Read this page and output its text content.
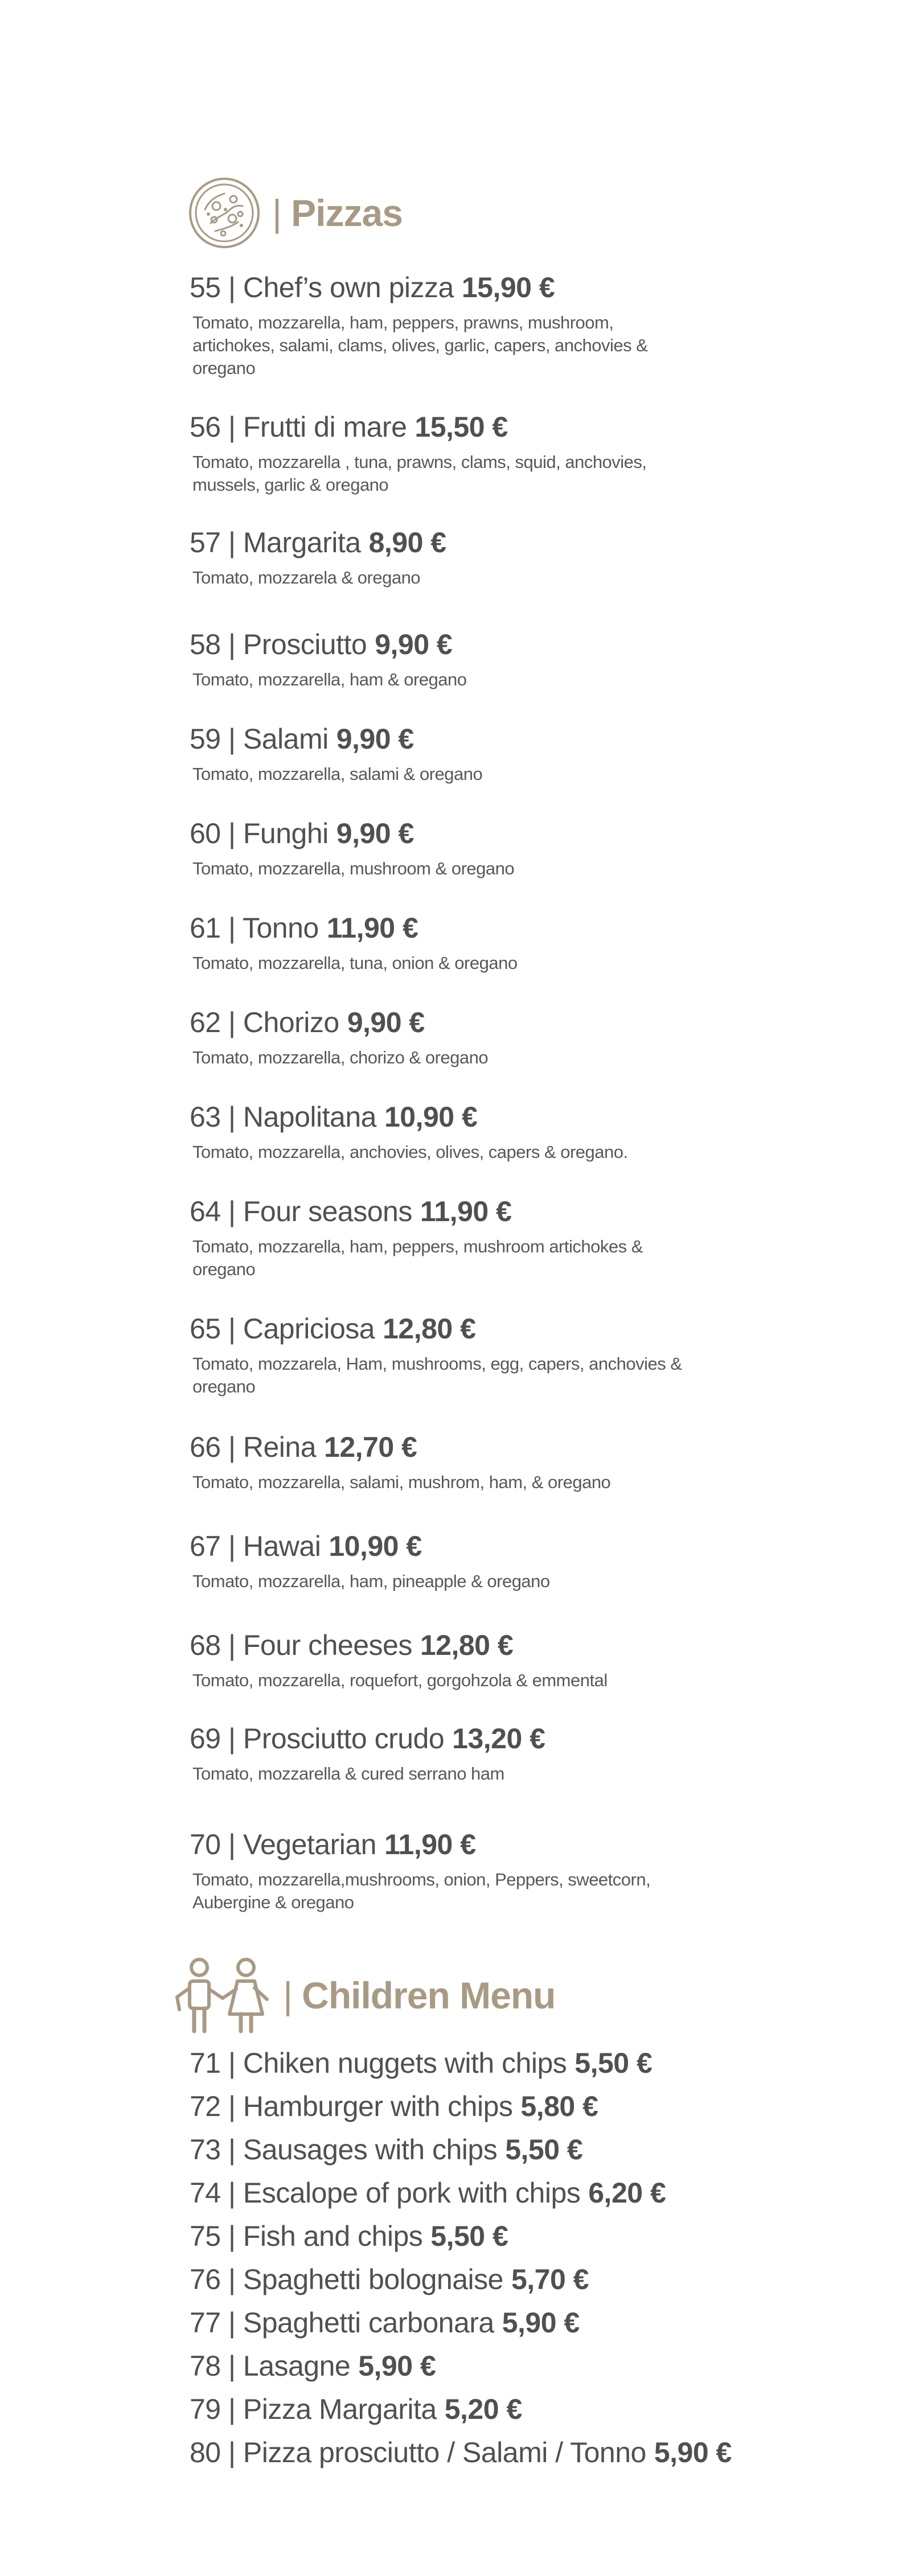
| Pizzas
55 | Chef’s own pizza 15,90 €
Tomato, mozzarella, ham, peppers, prawns, mushroom, artichokes, salami, clams, olives, garlic, capers, anchovies & oregano
56 | Frutti di mare 15,50 €
Tomato, mozzarella , tuna, prawns, clams, squid, anchovies, mussels, garlic & oregano
57 | Margarita 8,90 €
Tomato, mozzarela & oregano
58 | Prosciutto 9,90 €
Tomato, mozzarella, ham & oregano
59 | Salami 9,90 €
Tomato, mozzarella, salami & oregano
60 | Funghi 9,90 €
Tomato, mozzarella, mushroom & oregano
61 | Tonno 11,90 €
Tomato, mozzarella, tuna, onion & oregano
62 | Chorizo 9,90 €
Tomato, mozzarella, chorizo & oregano
63 | Napolitana 10,90 €
Tomato, mozzarella, anchovies, olives, capers & oregano.
64 | Four seasons 11,90 €
Tomato, mozzarella, ham, peppers, mushroom artichokes & oregano
65 | Capriciosa 12,80 €
Tomato, mozzarela, Ham, mushrooms, egg, capers, anchovies & oregano
66 | Reina 12,70 €
Tomato, mozzarella, salami, mushrom, ham, & oregano
67 | Hawai 10,90 €
Tomato, mozzarella, ham, pineapple & oregano
68 | Four cheeses 12,80 €
Tomato, mozzarella, roquefort, gorgohzola & emmental
69 | Prosciutto crudo 13,20 €
Tomato, mozzarella & cured serrano ham
70 | Vegetarian 11,90 €
Tomato, mozzarella,mushrooms, onion, Peppers, sweetcorn, Aubergine & oregano
| Children Menu
71 | Chiken nuggets with chips 5,50 €
72 | Hamburger with chips 5,80 €
73 | Sausages with chips 5,50 €
74 | Escalope of pork with chips 6,20 €
75 | Fish and chips 5,50 €
76 | Spaghetti bolognaise 5,70 €
77 | Spaghetti carbonara 5,90 €
78 | Lasagne 5,90 €
79 | Pizza Margarita 5,20 €
80 | Pizza prosciutto / Salami / Tonno 5,90 €
